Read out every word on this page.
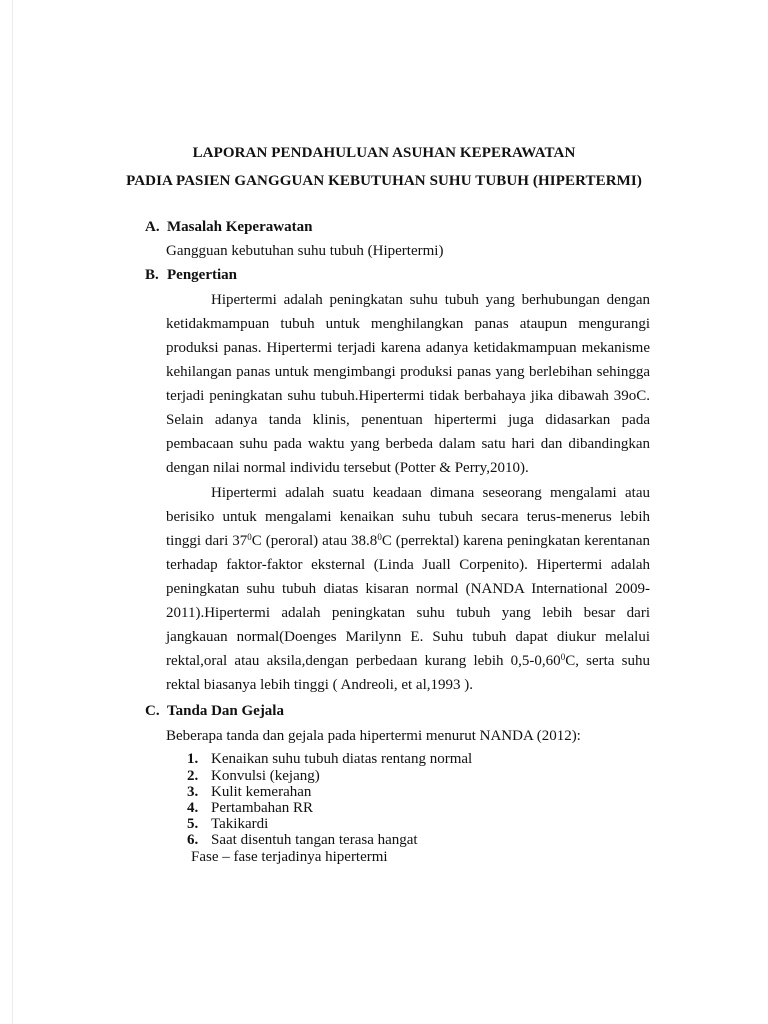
LAPORAN PENDAHULUAN ASUHAN KEPERAWATAN
PADIA PASIEN GANGGUAN KEBUTUHAN SUHU TUBUH (HIPERTERMI)
A. Masalah Keperawatan
Gangguan kebutuhan suhu tubuh (Hipertermi)
B. Pengertian
Hipertermi adalah peningkatan suhu tubuh yang berhubungan dengan
ketidakmampuan tubuh untuk menghilangkan panas ataupun mengurangi
produksi panas. Hipertermi terjadi karena adanya ketidakmampuan mekanisme
kehilangan panas untuk mengimbangi produksi panas yang berlebihan sehingga
terjadi peningkatan suhu tubuh.Hipertermi tidak berbahaya jika dibawah 39oC.
Selain adanya tanda klinis, penentuan hipertermi juga didasarkan pada
pembacaan suhu pada waktu yang berbeda dalam satu hari dan dibandingkan
dengan nilai normal individu tersebut (Potter & Perry,2010).
Hipertermi adalah suatu keadaan dimana seseorang mengalami atau
berisiko untuk mengalami kenaikan suhu tubuh secara terus-menerus lebih
tinggi dari $37^0C$ (peroral) atau 38.8$^0$C (perrektal) karena peningkatan kerentanan
terhadap faktor-faktor eksternal (Linda Juall Corpenito). Hipertermi adalah
peningkatan suhu tubuh diatas kisaran normal (NANDA International 2009-
2011).Hipertermi adalah peningkatan suhu tubuh yang lebih besar dari
jangkauan normal(Doenges Marilynn E. Suhu tubuh dapat diukur melalui
rektal,oral atau aksila,dengan perbedaan kurang lebih 0,5-0,60$^0$C, serta suhu
rektal biasanya lebih tinggi ( Andreoli, et al,1993 ).
C. Tanda Dan Gejala
Beberapa tanda dan gejala pada hipertermi menurut NANDA (2012):
1. Kenaikan suhu tubuh diatas rentang normal
2. Konvulsi (kejang)
3. Kulit kemerahan
4. Pertambahan RR
5. Takikardi
6. Saat disentuh tangan terasa hangat
Fase – fase terjadinya hipertermi
